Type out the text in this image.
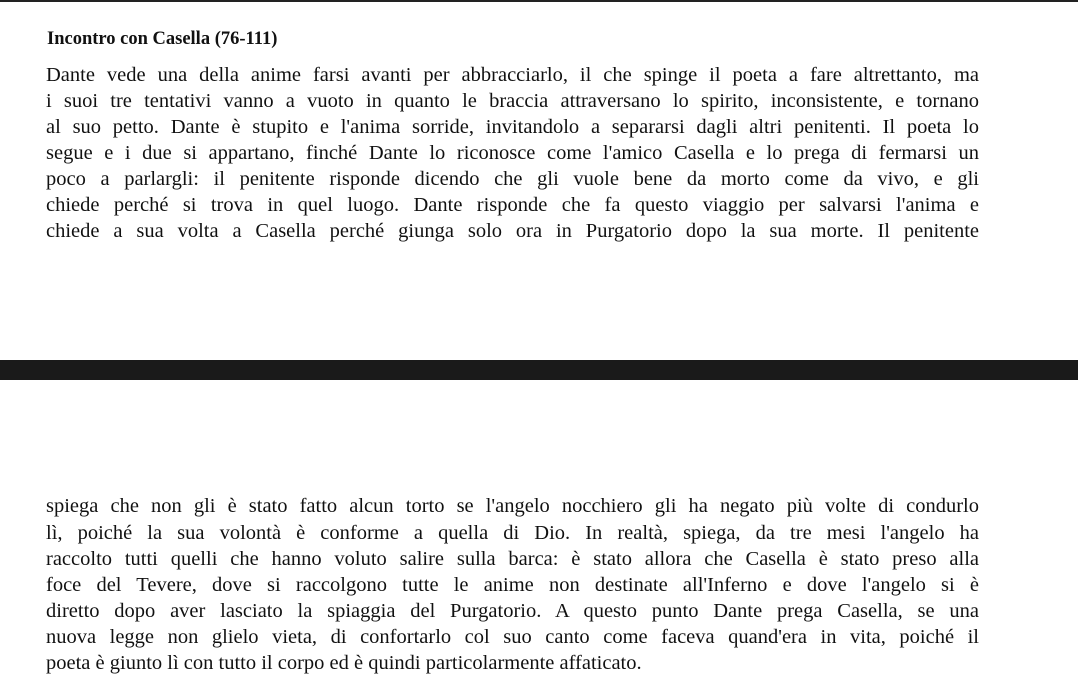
Incontro con Casella (76-111)
Dante vede una della anime farsi avanti per abbracciarlo, il che spinge il poeta a fare altrettanto, ma
i suoi tre tentativi vanno a vuoto in quanto le braccia attraversano lo spirito, inconsistente, e tornano
al suo petto. Dante è stupito e l'anima sorride, invitandolo a separarsi dagli altri penitenti. Il poeta lo
segue e i due si appartano, finché Dante lo riconosce come l'amico Casella e lo prega di fermarsi un
poco a parlargli: il penitente risponde dicendo che gli vuole bene da morto come da vivo, e gli
chiede perché si trova in quel luogo. Dante risponde che fa questo viaggio per salvarsi l'anima e
chiede a sua volta a Casella perché giunga solo ora in Purgatorio dopo la sua morte. Il penitente
spiega che non gli è stato fatto alcun torto se l'angelo nocchiero gli ha negato più volte di condurlo
lì, poiché la sua volontà è conforme a quella di Dio. In realtà, spiega, da tre mesi l'angelo ha
raccolto tutti quelli che hanno voluto salire sulla barca: è stato allora che Casella è stato preso alla
foce del Tevere, dove si raccolgono tutte le anime non destinate all'Inferno e dove l'angelo si è
diretto dopo aver lasciato la spiaggia del Purgatorio. A questo punto Dante prega Casella, se una
nuova legge non glielo vieta, di confortarlo col suo canto come faceva quand'era in vita, poiché il
poeta è giunto lì con tutto il corpo ed è quindi particolarmente affaticato.
